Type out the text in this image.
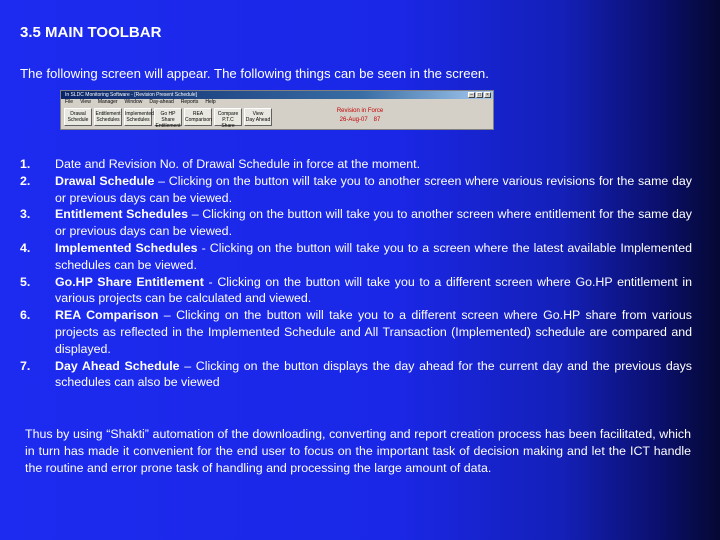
3.5 MAIN TOOLBAR
The following screen will appear. The following things can be seen in the screen.
In SLDC Monitoring Software - [Revision Present Schedule]	–	□	×
File View Manager Window Day-ahead Reports Help
Drawal
Schedule
Entitlement
Schedules
Implemented
Schedules
Go HP Share
Entitlement
REA
Comparison
Compare
P.T.C Share
View
Day Ahead
Revision in Force
26-Aug-07 87
1. Date and Revision No. of Drawal Schedule in force at the moment.
2. Drawal Schedule – Clicking on the button will take you to another screen where various revisions for the same day or previous days can be viewed.
3. Entitlement Schedules – Clicking on the button will take you to another screen where entitlement for the same day or previous days can be viewed.
4. Implemented Schedules - Clicking on the button will take you to a screen where the latest available Implemented schedules can be viewed.
5. Go.HP Share Entitlement - Clicking on the button will take you to a different screen where Go.HP entitlement in various projects can be calculated and viewed.
6. REA Comparison – Clicking on the button will take you to a different screen where Go.HP share from various projects as reflected in the Implemented Schedule and All Transaction (Implemented) schedule are compared and displayed.
7. Day Ahead Schedule – Clicking on the button displays the day ahead for the current day and the previous days schedules can also be viewed

Thus by using “Shakti” automation of the downloading, converting and report creation process has been facilitated, which in turn has made it convenient for the end user to focus on the important task of decision making and let the ICT handle the routine and error prone task of handling and processing the large amount of data.
